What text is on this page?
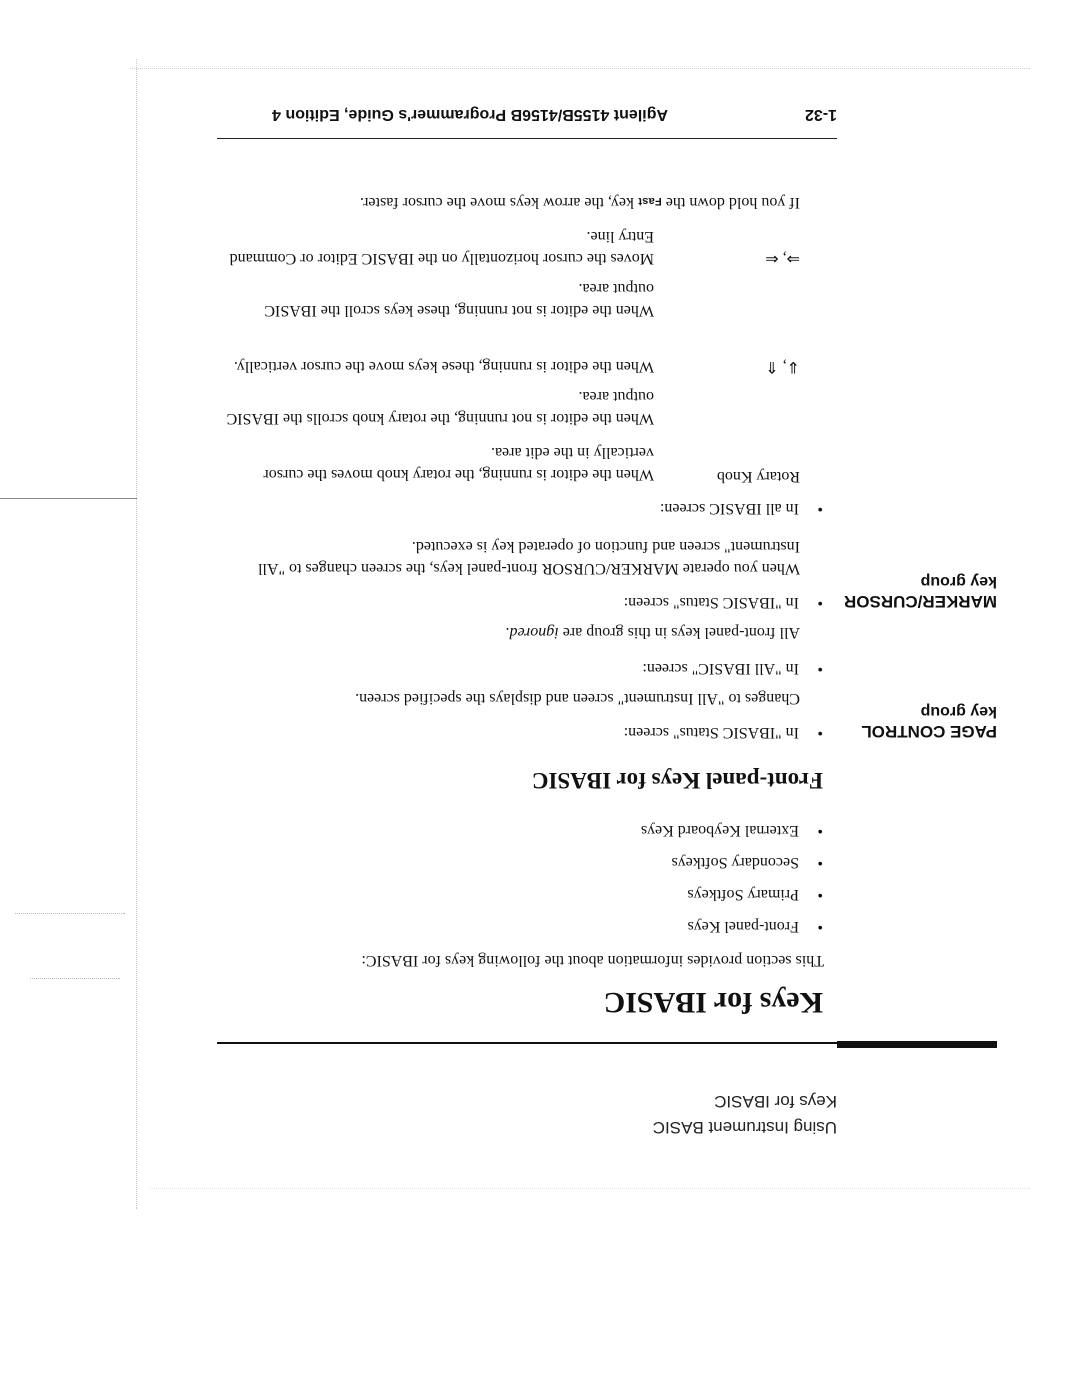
Using Instrument BASIC
Keys for IBASIC
Keys for IBASIC
This section provides information about the following keys for IBASIC:
•
Front-panel Keys
•
Primary Softkeys
•
Secondary Softkeys
•
External Keyboard Keys
Front-panel Keys for IBASIC
PAGE CONTROL
key group
•
In "IBASIC Status" screen:
Changes to "All Instrument" screen and displays the specified screen.
•
In "All IBASIC" screen:
All front-panel keys in this group are ignored.
MARKER/CURSOR
key group
•
In "IBASIC Status" screen:
When you operate MARKER/CURSOR front-panel keys, the screen changes to "All Instrument" screen and function of operated key is executed.
•
In all IBASIC screen:
Rotary Knob
When the editor is running, the rotary knob moves the cursor vertically in the edit area.
When the editor is not running, the rotary knob scrolls the IBASIC output area.
⇓, ⇑
When the editor is running, these keys move the cursor vertically.
When the editor is not running, these keys scroll the IBASIC output area.
⇒, ⇐
Moves the cursor horizontally on the IBASIC Editor or Command Entry line.
If you hold down the Fast key, the arrow keys move the cursor faster.
1-32
Agilent 4155B/4156B Programmer's Guide, Edition 4
